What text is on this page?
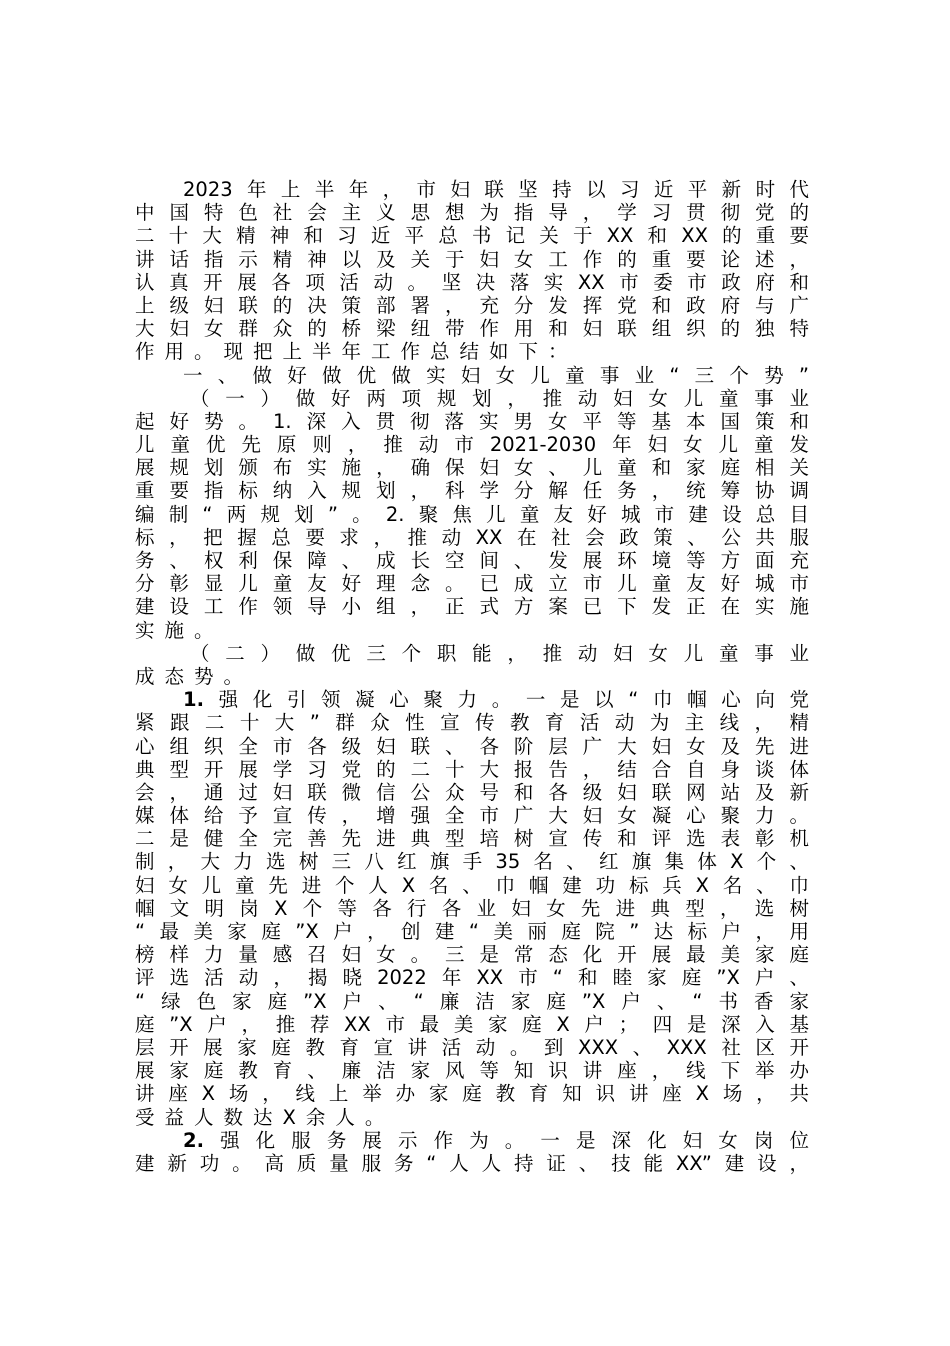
2023年上半年，市妇联坚持以习近平新时代
中国特色社会主义思想为指导，学习贯彻党的
二十大精神和习近平总书记关于XX和XX的重要
讲话指示精神以及关于妇女工作的重要论述，
认真开展各项活动。坚决落实XX市委市政府和
上级妇联的决策部署，充分发挥党和政府与广
大妇女群众的桥梁纽带作用和妇联组织的独特
作用。现把上半年工作总结如下：
一、做好做优做实妇女儿童事业“三个势”
（一）做好两项规划，推动妇女儿童事业
起好势。1.深入贯彻落实男女平等基本国策和
儿童优先原则，推动市2021-2030年妇女儿童发
展规划颁布实施，确保妇女、儿童和家庭相关
重要指标纳入规划，科学分解任务，统筹协调
编制“两规划”。2.聚焦儿童友好城市建设总目
标，把握总要求，推动XX在社会政策、公共服
务、权利保障、成长空间、发展环境等方面充
分彰显儿童友好理念。已成立市儿童友好城市
建设工作领导小组，正式方案已下发正在实施
实施。
（二）做优三个职能，推动妇女儿童事业
成态势。
1.强化引领凝心聚力。一是以“巾帼心向党
紧跟二十大”群众性宣传教育活动为主线，精
心组织全市各级妇联、各阶层广大妇女及先进
典型开展学习党的二十大报告，结合自身谈体
会，通过妇联微信公众号和各级妇联网站及新
媒体给予宣传，增强全市广大妇女凝心聚力。
二是健全完善先进典型培树宣传和评选表彰机
制，大力选树三八红旗手35名、红旗集体X个、
妇女儿童先进个人X名、巾帼建功标兵X名、巾
帼文明岗X个等各行各业妇女先进典型，选树
“最美家庭”X户，创建“美丽庭院”达标户，用
榜样力量感召妇女。三是常态化开展最美家庭
评选活动，揭晓2022年XX市“和睦家庭”X户、
“绿色家庭”X户、“廉洁家庭”X户、“书香家
庭”X户，推荐XX市最美家庭X户；四是深入基
层开展家庭教育宣讲活动。到XXX、XXX社区开
展家庭教育、廉洁家风等知识讲座，线下举办
讲座X场，线上举办家庭教育知识讲座X场，共
受益人数达X余人。
2.强化服务展示作为。一是深化妇女岗位
建新功。高质量服务“人人持证、技能XX”建设，
